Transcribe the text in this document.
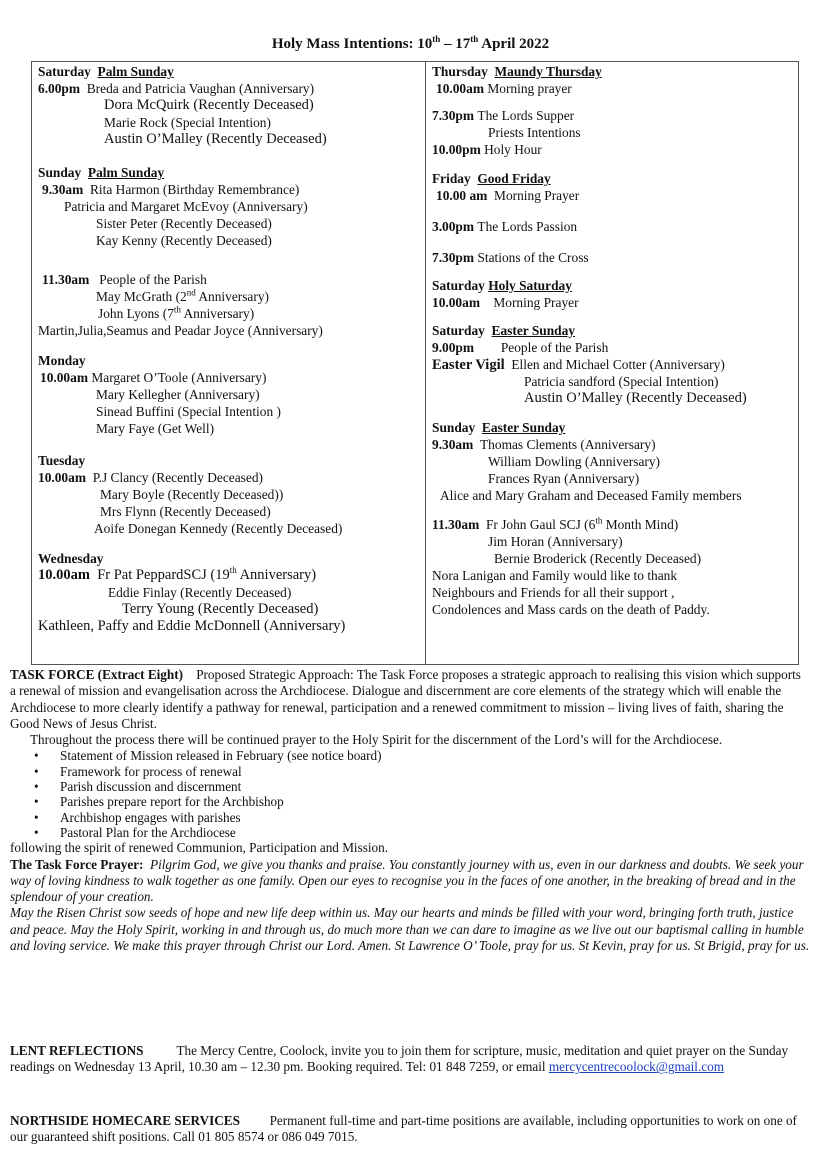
Holy Mass Intentions: 10th – 17th April 2022
Saturday Palm Sunday
6.00pm Breda and Patricia Vaughan (Anniversary)
Dora McQuirk (Recently Deceased)
Marie Rock (Special Intention)
Austin O’Malley (Recently Deceased)
Sunday Palm Sunday
9.30am Rita Harmon (Birthday Remembrance)
Patricia and Margaret McEvoy (Anniversary)
Sister Peter (Recently Deceased)
Kay Kenny (Recently Deceased)
11.30am People of the Parish
May McGrath (2nd Anniversary)
John Lyons (7th Anniversary)
Martin,Julia,Seamus and Peadar Joyce (Anniversary)
Monday
10.00am Margaret O’Toole (Anniversary)
Mary Kellegher (Anniversary)
Sinead Buffini (Special Intention )
Mary Faye (Get Well)
Tuesday
10.00am P.J Clancy (Recently Deceased)
Mary Boyle (Recently Deceased))
Mrs Flynn (Recently Deceased)
Aoife Donegan Kennedy (Recently Deceased)
Wednesday
10.00am Fr Pat PeppardSCJ (19th Anniversary)
Eddie Finlay (Recently Deceased)
Terry Young (Recently Deceased)
Kathleen, Paffy and Eddie McDonnell (Anniversary)
Thursday Maundy Thursday
10.00am Morning prayer
7.30pm The Lords Supper
Priests Intentions
10.00pm Holy Hour
Friday Good Friday
10.00 am Morning Prayer
3.00pm The Lords Passion
7.30pm Stations of the Cross
Saturday Holy Saturday
10.00am Morning Prayer
Saturday Easter Sunday
9.00pm People of the Parish
Easter Vigil Ellen and Michael Cotter (Anniversary)
Patricia sandford (Special Intention)
Austin O’Malley (Recently Deceased)
Sunday Easter Sunday
9.30am Thomas Clements (Anniversary)
William Dowling (Anniversary)
Frances Ryan (Anniversary)
Alice and Mary Graham and Deceased Family members
11.30am Fr John Gaul SCJ (6th Month Mind)
Jim Horan (Anniversary)
Bernie Broderick (Recently Deceased)
Nora Lanigan and Family would like to thank
Neighbours and Friends for all their support ,
Condolences and Mass cards on the death of Paddy.

TASK FORCE (Extract Eight) Proposed Strategic Approach: The Task Force proposes a strategic approach to realising this vision which supports a renewal of mission and evangelisation across the Archdiocese. Dialogue and discernment are core elements of the strategy which will enable the Archdiocese to more clearly identify a pathway for renewal, participation and a renewed commitment to mission – living lives of faith, sharing the Good News of Jesus Christ.

Throughout the process there will be continued prayer to the Holy Spirit for the discernment of the Lord’s will for the Archdiocese.

• Statement of Mission released in February (see notice board)
• Framework for process of renewal
• Parish discussion and discernment
• Parishes prepare report for the Archbishop
• Archbishop engages with parishes
• Pastoral Plan for the Archdiocese

following the spirit of renewed Communion, Participation and Mission.

The Task Force Prayer: Pilgrim God, we give you thanks and praise. You constantly journey with us, even in our darkness and doubts. We seek your way of loving kindness to walk together as one family. Open our eyes to recognise you in the faces of one another, in the breaking of bread and in the splendour of your creation.

May the Risen Christ sow seeds of hope and new life deep within us. May our hearts and minds be filled with your word, bringing forth truth, justice and peace. May the Holy Spirit, working in and through us, do much more than we can dare to imagine as we live out our baptismal calling in humble and loving service. We make this prayer through Christ our Lord. Amen. St Lawrence O’ Toole, pray for us. St Kevin, pray for us. St Brigid, pray for us.

LENT REFLECTIONS The Mercy Centre, Coolock, invite you to join them for scripture, music, meditation and quiet prayer on the Sunday readings on Wednesday 13 April, 10.30 am – 12.30 pm. Booking required. Tel: 01 848 7259, or email mercycentrecoolock@gmail.com

NORTHSIDE HOMECARE SERVICES Permanent full-time and part-time positions are available, including opportunities to work on one of our guaranteed shift positions. Call 01 805 8574 or 086 049 7015.
